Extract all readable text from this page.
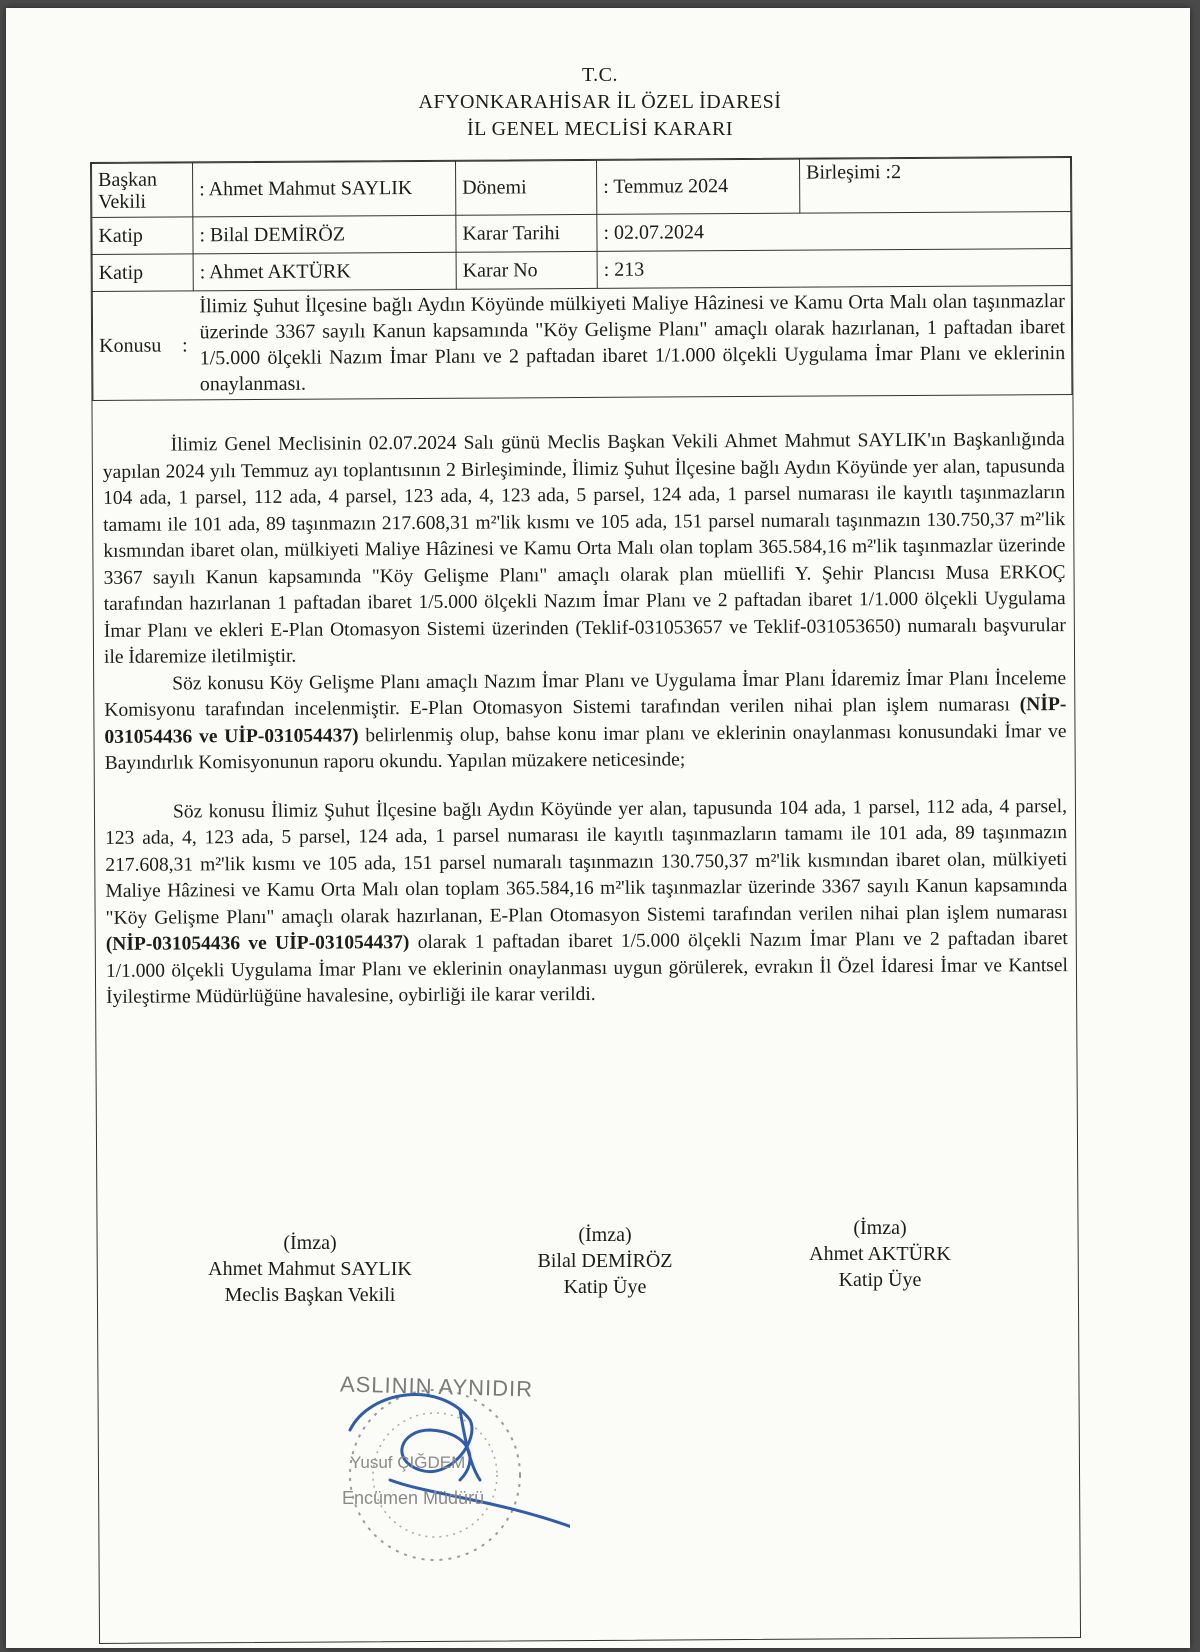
T.C.
AFYONKARAHİSAR İL ÖZEL İDARESİ
İL GENEL MECLİSİ KARARI
Başkan Vekili	: Ahmet Mahmut SAYLIK	Dönemi	: Temmuz 2024	Birleşimi :2
Katip	: Bilal DEMİRÖZ	Karar Tarihi	: 02.07.2024	
Katip	: Ahmet AKTÜRK	Karar No	: 213	
Konusu :	İlimiz Şuhut İlçesine bağlı Aydın Köyünde mülkiyeti Maliye Hâzinesi ve Kamu Orta Malı olan taşınmazlar üzerinde 3367 sayılı Kanun kapsamında "Köy Gelişme Planı" amaçlı olarak hazırlanan, 1 paftadan ibaret 1/5.000 ölçekli Nazım İmar Planı ve 2 paftadan ibaret 1/1.000 ölçekli Uygulama İmar Planı ve eklerinin onaylanması.			

İlimiz Genel Meclisinin 02.07.2024 Salı günü Meclis Başkan Vekili Ahmet Mahmut SAYLIK'ın Başkanlığında yapılan 2024 yılı Temmuz ayı toplantısının 2 Birleşiminde, İlimiz Şuhut İlçesine bağlı Aydın Köyünde yer alan, tapusunda 104 ada, 1 parsel, 112 ada, 4 parsel, 123 ada, 4, 123 ada, 5 parsel, 124 ada, 1 parsel numarası ile kayıtlı taşınmazların tamamı ile 101 ada, 89 taşınmazın 217.608,31 m²'lik kısmı ve 105 ada, 151 parsel numaralı taşınmazın 130.750,37 m²'lik kısmından ibaret olan, mülkiyeti Maliye Hâzinesi ve Kamu Orta Malı olan toplam 365.584,16 m²'lik taşınmazlar üzerinde 3367 sayılı Kanun kapsamında "Köy Gelişme Planı" amaçlı olarak plan müellifi Y. Şehir Plancısı Musa ERKOÇ tarafından hazırlanan 1 paftadan ibaret 1/5.000 ölçekli Nazım İmar Planı ve 2 paftadan ibaret 1/1.000 ölçekli Uygulama İmar Planı ve ekleri E-Plan Otomasyon Sistemi üzerinden (Teklif-031053657 ve Teklif-031053650) numaralı başvurular ile İdaremize iletilmiştir.

Söz konusu Köy Gelişme Planı amaçlı Nazım İmar Planı ve Uygulama İmar Planı İdaremiz İmar Planı İnceleme Komisyonu tarafından incelenmiştir. E-Plan Otomasyon Sistemi tarafından verilen nihai plan işlem numarası (NİP-031054436 ve UİP-031054437) belirlenmiş olup, bahse konu imar planı ve eklerinin onaylanması konusundaki İmar ve Bayındırlık Komisyonunun raporu okundu. Yapılan müzakere neticesinde;

Söz konusu İlimiz Şuhut İlçesine bağlı Aydın Köyünde yer alan, tapusunda 104 ada, 1 parsel, 112 ada, 4 parsel, 123 ada, 4, 123 ada, 5 parsel, 124 ada, 1 parsel numarası ile kayıtlı taşınmazların tamamı ile 101 ada, 89 taşınmazın 217.608,31 m²'lik kısmı ve 105 ada, 151 parsel numaralı taşınmazın 130.750,37 m²'lik kısmından ibaret olan, mülkiyeti Maliye Hâzinesi ve Kamu Orta Malı olan toplam 365.584,16 m²'lik taşınmazlar üzerinde 3367 sayılı Kanun kapsamında "Köy Gelişme Planı" amaçlı olarak hazırlanan, E-Plan Otomasyon Sistemi tarafından verilen nihai plan işlem numarası (NİP-031054436 ve UİP-031054437) olarak 1 paftadan ibaret 1/5.000 ölçekli Nazım İmar Planı ve 2 paftadan ibaret 1/1.000 ölçekli Uygulama İmar Planı ve eklerinin onaylanması uygun görülerek, evrakın İl Özel İdaresi İmar ve Kantsel İyileştirme Müdürlüğüne havalesine, oybirliği ile karar verildi.

(İmza)
Ahmet Mahmut SAYLIK
Meclis Başkan Vekili
(İmza)
Bilal DEMİRÖZ
Katip Üye
(İmza)
Ahmet AKTÜRK
Katip Üye
ASLININ AYNIDIR
Yusuf ÇIĞDEM
Encümen Müdürü
